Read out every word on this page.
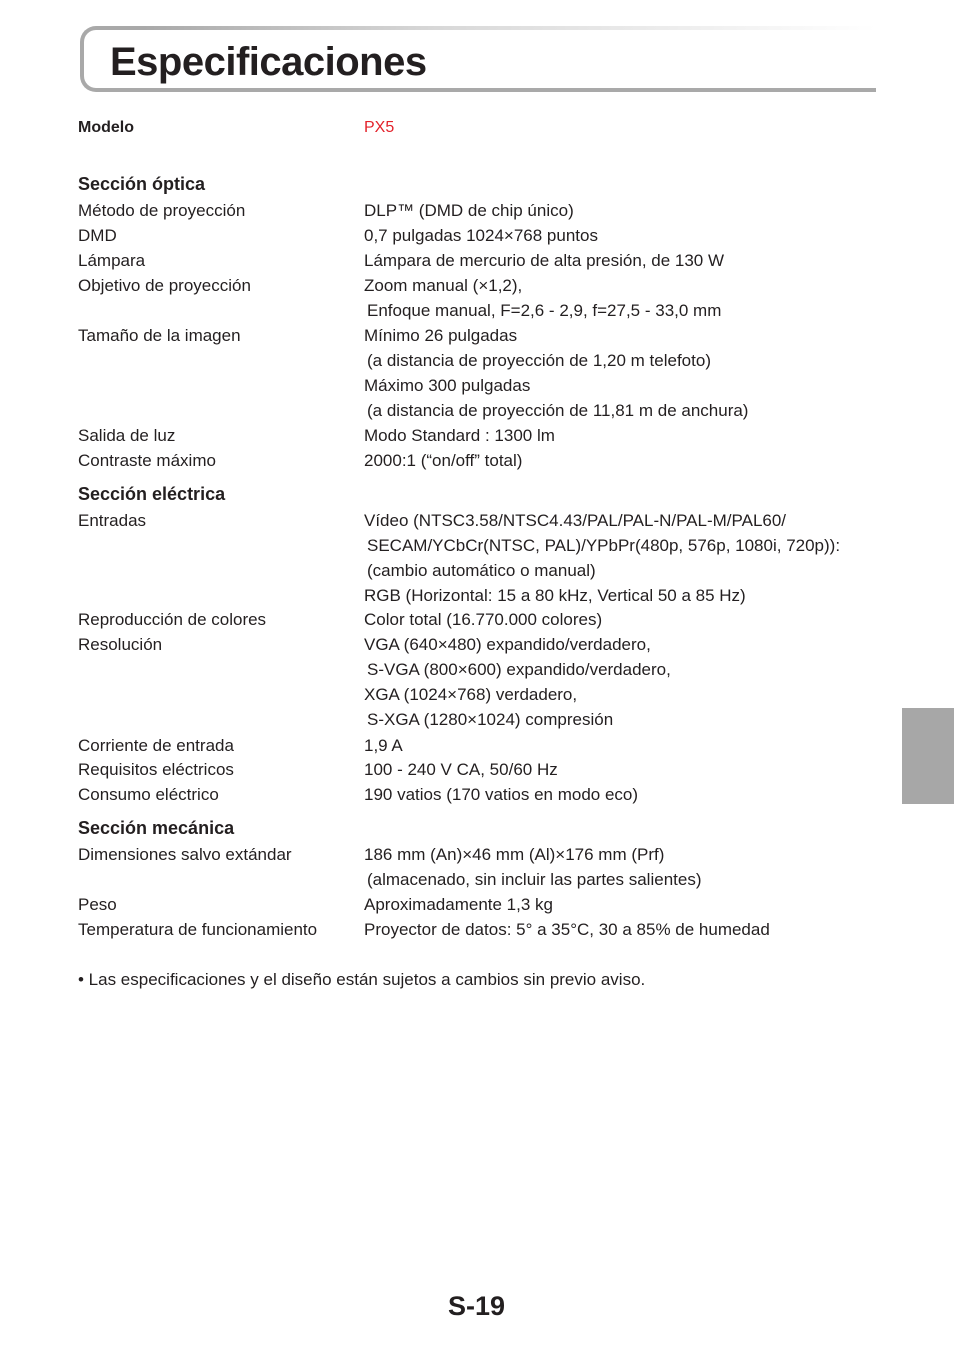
Especificaciones
Modelo	PX5
Sección óptica
Método de proyección	DLP™ (DMD de chip único)
DMD	0,7 pulgadas 1024×768 puntos
Lámpara	Lámpara de mercurio de alta presión, de 130 W
Objetivo de proyección	Zoom manual (×1,2),
Enfoque manual, F=2,6 - 2,9, f=27,5 - 33,0 mm
Tamaño de la imagen	Mínimo 26 pulgadas
(a distancia de proyección de 1,20 m telefoto)
Máximo 300 pulgadas
(a distancia de proyección de 11,81 m de anchura)
Salida de luz	Modo Standard : 1300 lm
Contraste máximo	2000:1 (“on/off” total)
Sección eléctrica
Entradas	Vídeo (NTSC3.58/NTSC4.43/PAL/PAL-N/PAL-M/PAL60/
SECAM/YCbCr(NTSC, PAL)/YPbPr(480p, 576p, 1080i, 720p)):
(cambio automático o manual)
RGB (Horizontal: 15 a 80 kHz, Vertical 50 a 85 Hz)
Reproducción de colores	Color total (16.770.000 colores)
Resolución	VGA (640×480) expandido/verdadero,
S-VGA (800×600) expandido/verdadero,
XGA (1024×768) verdadero,
S-XGA (1280×1024) compresión
Corriente de entrada	1,9 A
Requisitos eléctricos	100 - 240 V CA, 50/60 Hz
Consumo eléctrico	190 vatios (170 vatios en modo eco)
Sección mecánica
Dimensiones salvo extándar	186 mm (An)×46 mm (Al)×176 mm (Prf)
(almacenado, sin incluir las partes salientes)
Peso	Aproximadamente 1,3 kg
Temperatura de funcionamiento	Proyector de datos: 5° a 35°C, 30 a 85% de humedad
• Las especificaciones y el diseño están sujetos a cambios sin previo aviso.
S-19
